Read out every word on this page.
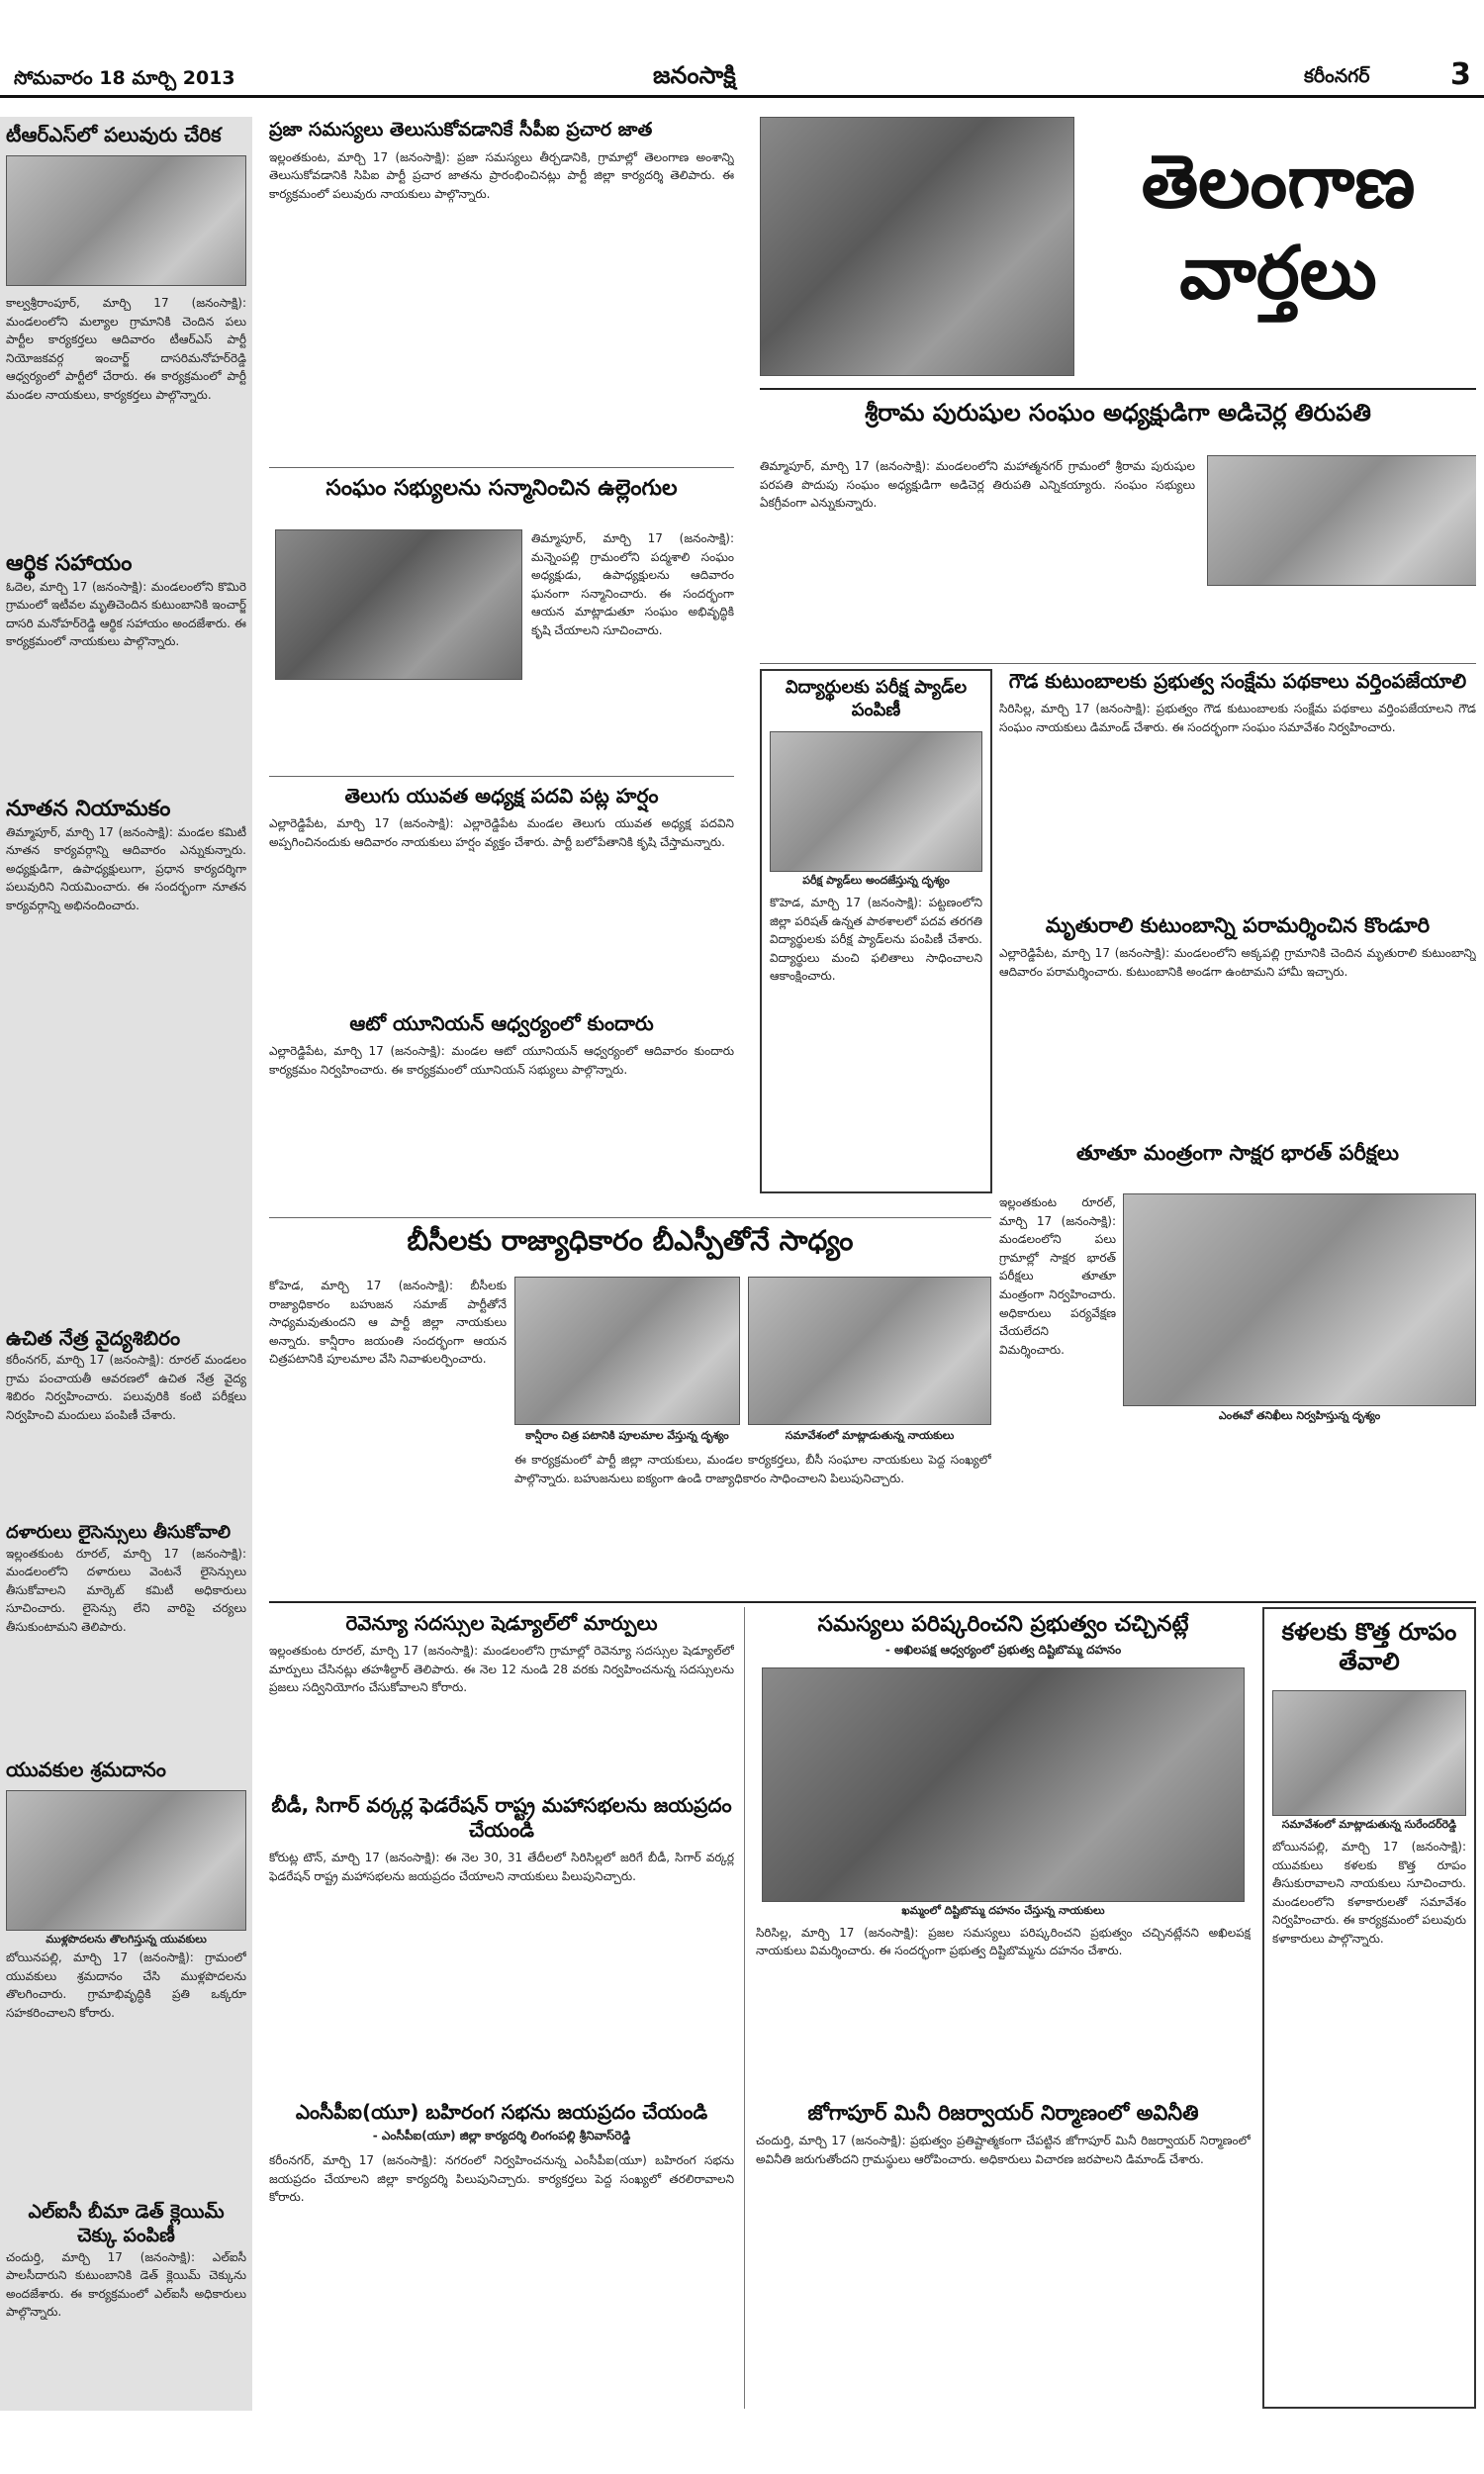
సోమవారం 18 మార్చి 2013	జనంసాక్షి	కరీంనగర్	3
టీఆర్ఎస్‌లో పలువురు చేరిక
కాల్వశ్రీరాంపూర్, మార్చి 17 (జనంసాక్షి): మండలంలోని మల్యాల గ్రామానికి చెందిన పలు పార్టీల కార్యకర్తలు ఆదివారం టీఆర్ఎస్ పార్టీ నియోజకవర్గ ఇంచార్జ్ దాసరిమనోహర్‌రెడ్డి ఆధ్వర్యంలో పార్టీలో చేరారు. ఈ కార్యక్రమంలో పార్టీ మండల నాయకులు, కార్యకర్తలు పాల్గొన్నారు.
ఆర్థిక సహాయం
ఓదెల, మార్చి 17 (జనంసాక్షి): మండలంలోని కొమిరె గ్రామంలో ఇటీవల మృతిచెందిన కుటుంబానికి ఇంచార్జ్ దాసరి మనోహర్‌రెడ్డి ఆర్థిక సహాయం అందజేశారు. ఈ కార్యక్రమంలో నాయకులు పాల్గొన్నారు.
నూతన నియామకం
తిమ్మాపూర్, మార్చి 17 (జనంసాక్షి): మండల కమిటీ నూతన కార్యవర్గాన్ని ఆదివారం ఎన్నుకున్నారు. అధ్యక్షుడిగా, ఉపాధ్యక్షులుగా, ప్రధాన కార్యదర్శిగా పలువురిని నియమించారు. ఈ సందర్భంగా నూతన కార్యవర్గాన్ని అభినందించారు.
ఉచిత నేత్ర వైద్యశిబిరం
కరీంనగర్, మార్చి 17 (జనంసాక్షి): రూరల్ మండలం గ్రామ పంచాయతీ ఆవరణలో ఉచిత నేత్ర వైద్య శిబిరం నిర్వహించారు. పలువురికి కంటి పరీక్షలు నిర్వహించి మందులు పంపిణీ చేశారు.
దళారులు లైసెన్సులు తీసుకోవాలి
ఇల్లంతకుంట రూరల్, మార్చి 17 (జనంసాక్షి): మండలంలోని దళారులు వెంటనే లైసెన్సులు తీసుకోవాలని మార్కెట్ కమిటీ అధికారులు సూచించారు. లైసెన్సు లేని వారిపై చర్యలు తీసుకుంటామని తెలిపారు.
యువకుల శ్రమదానం
ముళ్లపొదలను తొలగిస్తున్న యువకులు
బోయినపల్లి, మార్చి 17 (జనంసాక్షి): గ్రామంలో యువకులు శ్రమదానం చేసి ముళ్లపొదలను తొలగించారు. గ్రామాభివృద్ధికి ప్రతి ఒక్కరూ సహకరించాలని కోరారు.
ఎల్ఐసీ బీమా డెత్ క్లెయిమ్ చెక్కు పంపిణీ
చందుర్తి, మార్చి 17 (జనంసాక్షి): ఎల్ఐసీ పాలసీదారుని కుటుంబానికి డెత్ క్లెయిమ్ చెక్కును అందజేశారు. ఈ కార్యక్రమంలో ఎల్ఐసీ అధికారులు పాల్గొన్నారు.
ప్రజా సమస్యలు తెలుసుకోవడానికే సీపీఐ ప్రచార జాత
ఇల్లంతకుంట, మార్చి 17 (జనంసాక్షి): ప్రజా సమస్యలు తీర్చడానికి, గ్రామాల్లో తెలంగాణ అంశాన్ని తెలుసుకోవడానికి సిపిఐ పార్టీ ప్రచార జాతను ప్రారంభించినట్లు పార్టీ జిల్లా కార్యదర్శి తెలిపారు. ఈ కార్యక్రమంలో పలువురు నాయకులు పాల్గొన్నారు.
సంఘం సభ్యులను సన్మానించిన ఉల్లెంగుల
తిమ్మాపూర్, మార్చి 17 (జనంసాక్షి): మన్నెంపల్లి గ్రామంలోని పద్మశాలి సంఘం అధ్యక్షుడు, ఉపాధ్యక్షులను ఆదివారం ఘనంగా సన్మానించారు. ఈ సందర్భంగా ఆయన మాట్లాడుతూ సంఘం అభివృద్ధికి కృషి చేయాలని సూచించారు.
తెలుగు యువత అధ్యక్ష పదవి పట్ల హర్షం
ఎల్లారెడ్డిపేట, మార్చి 17 (జనంసాక్షి): ఎల్లారెడ్డిపేట మండల తెలుగు యువత అధ్యక్ష పదవిని అప్పగించినందుకు ఆదివారం నాయకులు హర్షం వ్యక్తం చేశారు. పార్టీ బలోపేతానికి కృషి చేస్తామన్నారు.
ఆటో యూనియన్ ఆధ్వర్యంలో కుందారు
ఎల్లారెడ్డిపేట, మార్చి 17 (జనంసాక్షి): మండల ఆటో యూనియన్ ఆధ్వర్యంలో ఆదివారం కుందారు కార్యక్రమం నిర్వహించారు. ఈ కార్యక్రమంలో యూనియన్ సభ్యులు పాల్గొన్నారు.
తెలంగాణ
వార్తలు
శ్రీరామ పురుషుల సంఘం అధ్యక్షుడిగా అడిచెర్ల తిరుపతి
తిమ్మాపూర్, మార్చి 17 (జనంసాక్షి): మండలంలోని మహాత్మనగర్ గ్రామంలో శ్రీరామ పురుషుల పరపతి పొదుపు సంఘం అధ్యక్షుడిగా అడిచెర్ల తిరుపతి ఎన్నికయ్యారు. సంఘం సభ్యులు ఏకగ్రీవంగా ఎన్నుకున్నారు.
విద్యార్థులకు పరీక్ష ప్యాడ్‌ల పంపిణీ
పరీక్ష ప్యాడ్‌లు అందజేస్తున్న దృశ్యం
కొహెడ, మార్చి 17 (జనంసాక్షి): పట్టణంలోని జిల్లా పరిషత్ ఉన్నత పాఠశాలలో పదవ తరగతి విద్యార్థులకు పరీక్ష ప్యాడ్‌లను పంపిణీ చేశారు. విద్యార్థులు మంచి ఫలితాలు సాధించాలని ఆకాంక్షించారు.
గౌడ కుటుంబాలకు ప్రభుత్వ సంక్షేమ పథకాలు వర్తింపజేయాలి
సిరిసిల్ల, మార్చి 17 (జనంసాక్షి): ప్రభుత్వం గౌడ కుటుంబాలకు సంక్షేమ పథకాలు వర్తింపజేయాలని గౌడ సంఘం నాయకులు డిమాండ్ చేశారు. ఈ సందర్భంగా సంఘం సమావేశం నిర్వహించారు.
మృతురాలి కుటుంబాన్ని పరామర్శించిన కొండూరి
ఎల్లారెడ్డిపేట, మార్చి 17 (జనంసాక్షి): మండలంలోని అక్కపల్లి గ్రామానికి చెందిన మృతురాలి కుటుంబాన్ని ఆదివారం పరామర్శించారు. కుటుంబానికి అండగా ఉంటామని హామీ ఇచ్చారు.
తూతూ మంత్రంగా సాక్షర భారత్ పరీక్షలు
ఇల్లంతకుంట రూరల్, మార్చి 17 (జనంసాక్షి): మండలంలోని పలు గ్రామాల్లో సాక్షర భారత్ పరీక్షలు తూతూ మంత్రంగా నిర్వహించారు. అధికారులు పర్యవేక్షణ చేయలేదని విమర్శించారు.
ఎంఈవో తనిఖీలు నిర్వహిస్తున్న దృశ్యం
బీసీలకు రాజ్యాధికారం బీఎస్పీతోనే సాధ్యం
కోహెడ, మార్చి 17 (జనంసాక్షి): బీసీలకు రాజ్యాధికారం బహుజన సమాజ్ పార్టీతోనే సాధ్యమవుతుందని ఆ పార్టీ జిల్లా నాయకులు అన్నారు. కాన్షీరాం జయంతి సందర్భంగా ఆయన చిత్రపటానికి పూలమాల వేసి నివాళులర్పించారు.
కాన్షీరాం చిత్ర పటానికి పూలమాల వేస్తున్న దృశ్యం	సమావేశంలో మాట్లాడుతున్న నాయకులు
ఈ కార్యక్రమంలో పార్టీ జిల్లా నాయకులు, మండల కార్యకర్తలు, బీసీ సంఘాల నాయకులు పెద్ద సంఖ్యలో పాల్గొన్నారు. బహుజనులు ఐక్యంగా ఉండి రాజ్యాధికారం సాధించాలని పిలుపునిచ్చారు.
రెవెన్యూ సదస్సుల షెడ్యూల్‌లో మార్పులు
ఇల్లంతకుంట రూరల్, మార్చి 17 (జనంసాక్షి): మండలంలోని గ్రామాల్లో రెవెన్యూ సదస్సుల షెడ్యూల్‌లో మార్పులు చేసినట్లు తహశీల్దార్ తెలిపారు. ఈ నెల 12 నుండి 28 వరకు నిర్వహించనున్న సదస్సులను ప్రజలు సద్వినియోగం చేసుకోవాలని కోరారు.
బీడీ, సిగార్ వర్కర్ల ఫెడరేషన్ రాష్ట్ర మహాసభలను జయప్రదం చేయండి
కోరుట్ల టౌన్, మార్చి 17 (జనంసాక్షి): ఈ నెల 30, 31 తేదీలలో సిరిసిల్లలో జరిగే బీడీ, సిగార్ వర్కర్ల ఫెడరేషన్ రాష్ట్ర మహాసభలను జయప్రదం చేయాలని నాయకులు పిలుపునిచ్చారు.
ఎంసీపీఐ(యూ) బహిరంగ సభను జయప్రదం చేయండి
- ఎంసీపీఐ(యూ) జిల్లా కార్యదర్శి లింగంపల్లి శ్రీనివాస్‌రెడ్డి
కరీంనగర్, మార్చి 17 (జనంసాక్షి): నగరంలో నిర్వహించనున్న ఎంసీపీఐ(యూ) బహిరంగ సభను జయప్రదం చేయాలని జిల్లా కార్యదర్శి పిలుపునిచ్చారు. కార్యకర్తలు పెద్ద సంఖ్యలో తరలిరావాలని కోరారు.
సమస్యలు పరిష్కరించని ప్రభుత్వం చచ్చినట్లే
- అఖిలపక్ష ఆధ్వర్యంలో ప్రభుత్వ దిష్టిబొమ్మ దహనం
ఖమ్మంలో దిష్టిబొమ్మ దహనం చేస్తున్న నాయకులు
సిరిసిల్ల, మార్చి 17 (జనంసాక్షి): ప్రజల సమస్యలు పరిష్కరించని ప్రభుత్వం చచ్చినట్లేనని అఖిలపక్ష నాయకులు విమర్శించారు. ఈ సందర్భంగా ప్రభుత్వ దిష్టిబొమ్మను దహనం చేశారు.
జోగాపూర్ మినీ రిజర్వాయర్ నిర్మాణంలో అవినీతి
చందుర్తి, మార్చి 17 (జనంసాక్షి): ప్రభుత్వం ప్రతిష్టాత్మకంగా చేపట్టిన జోగాపూర్ మినీ రిజర్వాయర్ నిర్మాణంలో అవినీతి జరుగుతోందని గ్రామస్థులు ఆరోపించారు. అధికారులు విచారణ జరపాలని డిమాండ్ చేశారు.
కళలకు కొత్త రూపం తేవాలి
సమావేశంలో మాట్లాడుతున్న సురేందర్‌రెడ్డి
బోయినపల్లి, మార్చి 17 (జనంసాక్షి): యువకులు కళలకు కొత్త రూపం తీసుకురావాలని నాయకులు సూచించారు. మండలంలోని కళాకారులతో సమావేశం నిర్వహించారు. ఈ కార్యక్రమంలో పలువురు కళాకారులు పాల్గొన్నారు.
